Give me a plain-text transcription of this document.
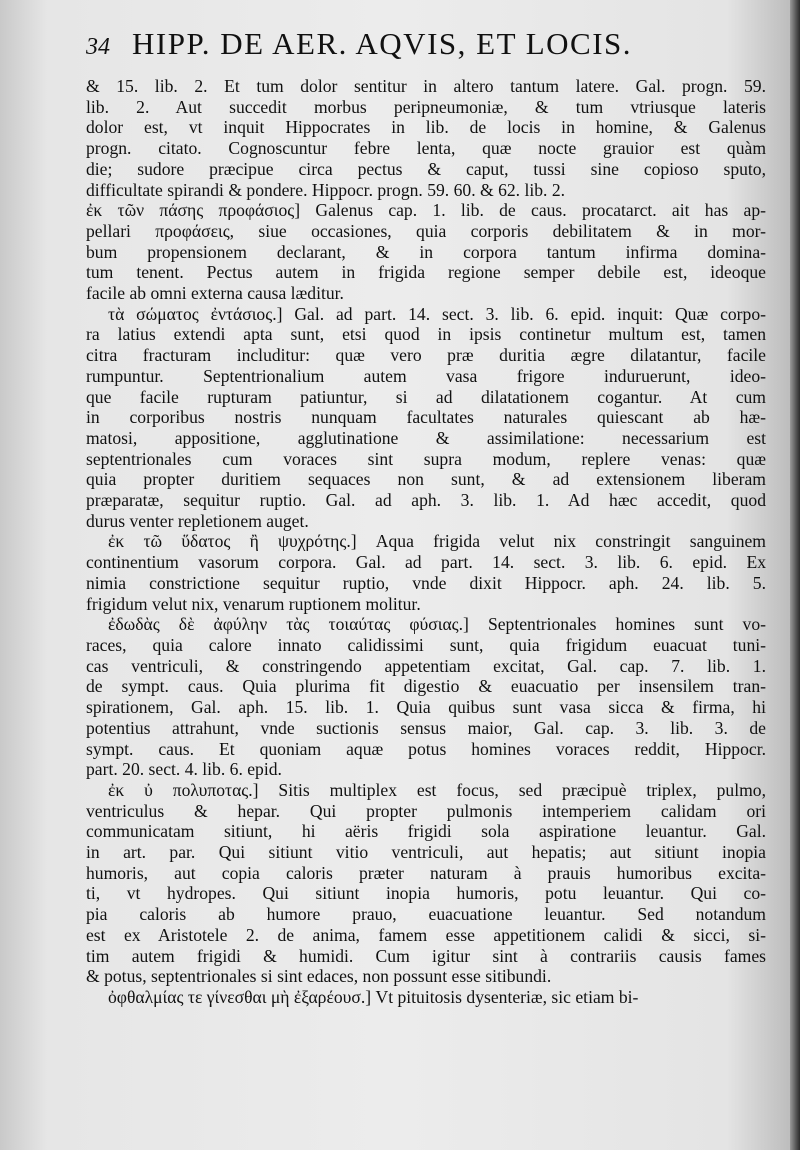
34 HIPP. DE AER. AQVIS, ET LOCIS.
& 15. lib. 2. Et tum dolor sentitur in altero tantum latere. Gal. progn. 59.
lib. 2. Aut succedit morbus peripneumoniæ, & tum vtriusque lateris
dolor est, vt inquit Hippocrates in lib. de locis in homine, & Galenus
progn. citato. Cognoscuntur febre lenta, quæ nocte grauior est quàm
die; sudore præcipue circa pectus & caput, tussi sine copioso sputo,
difficultate spirandi & pondere. Hippocr. progn. 59. 60. & 62. lib. 2.
ἐκ τῶν πάσης προφάσιος] Galenus cap. 1. lib. de caus. procatarct. ait has ap-
pellari προφάσεις, siue occasiones, quia corporis debilitatem & in mor-
bum propensionem declarant, & in corpora tantum infirma domina-
tum tenent. Pectus autem in frigida regione semper debile est, ideoque
facile ab omni externa causa læditur.
τὰ σώματος ἐντάσιος.] Gal. ad part. 14. sect. 3. lib. 6. epid. inquit: Quæ corpo-
ra latius extendi apta sunt, etsi quod in ipsis continetur multum est, tamen
citra fracturam includitur: quæ vero præ duritia ægre dilatantur, facile
rumpuntur. Septentrionalium autem vasa frigore induruerunt, ideo-
que facile rupturam patiuntur, si ad dilatationem cogantur. At cum
in corporibus nostris nunquam facultates naturales quiescant ab hæ-
matosi, appositione, agglutinatione & assimilatione: necessarium est
septentrionales cum voraces sint supra modum, replere venas: quæ
quia propter duritiem sequaces non sunt, & ad extensionem liberam
præparatæ, sequitur ruptio. Gal. ad aph. 3. lib. 1. Ad hæc accedit, quod
durus venter repletionem auget.
ἐκ τῶ ὕδατος ἢ ψυχρότης.] Aqua frigida velut nix constringit sanguinem
continentium vasorum corpora. Gal. ad part. 14. sect. 3. lib. 6. epid. Ex
nimia constrictione sequitur ruptio, vnde dixit Hippocr. aph. 24. lib. 5.
frigidum velut nix, venarum ruptionem molitur.
ἐδωδὰς δὲ ἀφύλην τὰς τοιαύτας φύσιας.] Septentrionales homines sunt vo-
races, quia calore innato calidissimi sunt, quia frigidum euacuat tuni-
cas ventriculi, & constringendo appetentiam excitat, Gal. cap. 7. lib. 1.
de sympt. caus. Quia plurima fit digestio & euacuatio per insensilem tran-
spirationem, Gal. aph. 15. lib. 1. Quia quibus sunt vasa sicca & firma, hi
potentius attrahunt, vnde suctionis sensus maior, Gal. cap. 3. lib. 3. de
sympt. caus. Et quoniam aquæ potus homines voraces reddit, Hippocr.
part. 20. sect. 4. lib. 6. epid.
ἐκ ὐ πολυποτας.] Sitis multiplex est focus, sed præcipuè triplex, pulmo,
ventriculus & hepar. Qui propter pulmonis intemperiem calidam ori
communicatam sitiunt, hi aëris frigidi sola aspiratione leuantur. Gal.
in art. par. Qui sitiunt vitio ventriculi, aut hepatis; aut sitiunt inopia
humoris, aut copia caloris præter naturam à prauis humoribus excita-
ti, vt hydropes. Qui sitiunt inopia humoris, potu leuantur. Qui co-
pia caloris ab humore prauo, euacuatione leuantur. Sed notandum
est ex Aristotele 2. de anima, famem esse appetitionem calidi & sicci, si-
tim autem frigidi & humidi. Cum igitur sint à contrariis causis fames
& potus, septentrionales si sint edaces, non possunt esse sitibundi.
ὀφθαλμίας τε γίνεσθαι μὴ ἐξαρέουσ.] Vt pituitosis dysenteriæ, sic etiam bi-
